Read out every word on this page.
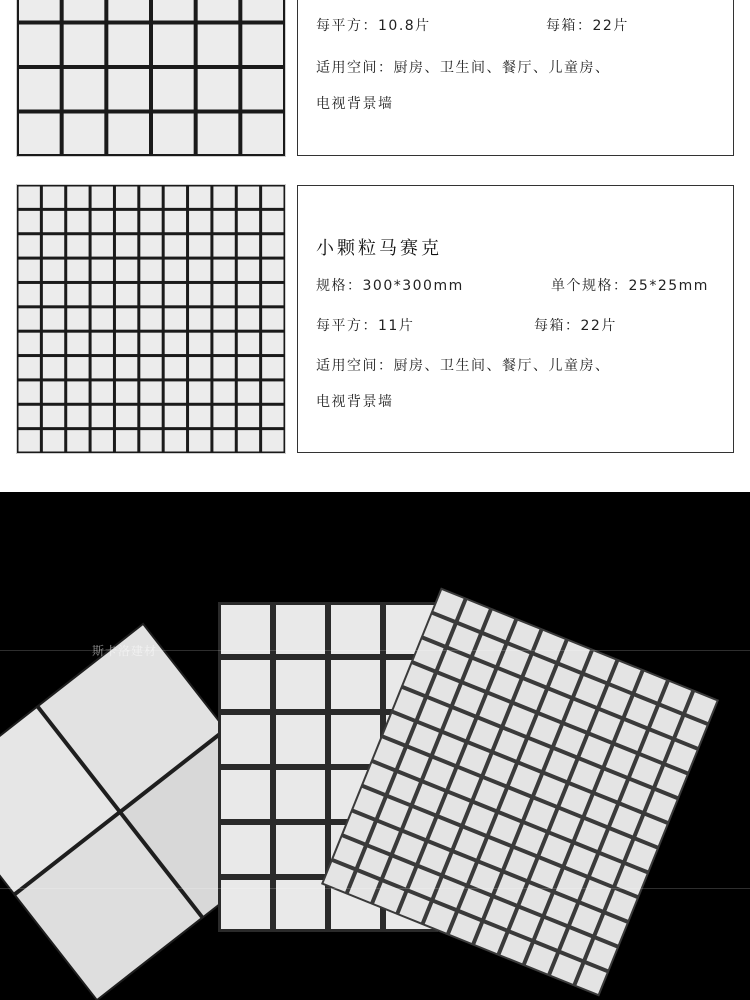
每平方：10.8片	每箱：22片
适用空间：厨房、卫生间、餐厅、儿童房、
电视背景墙
小颗粒马赛克
规格：300*300mm	单个规格：25*25mm
每平方：11片	每箱：22片
适用空间：厨房、卫生间、餐厅、儿童房、
电视背景墙
斯卡洛建材
